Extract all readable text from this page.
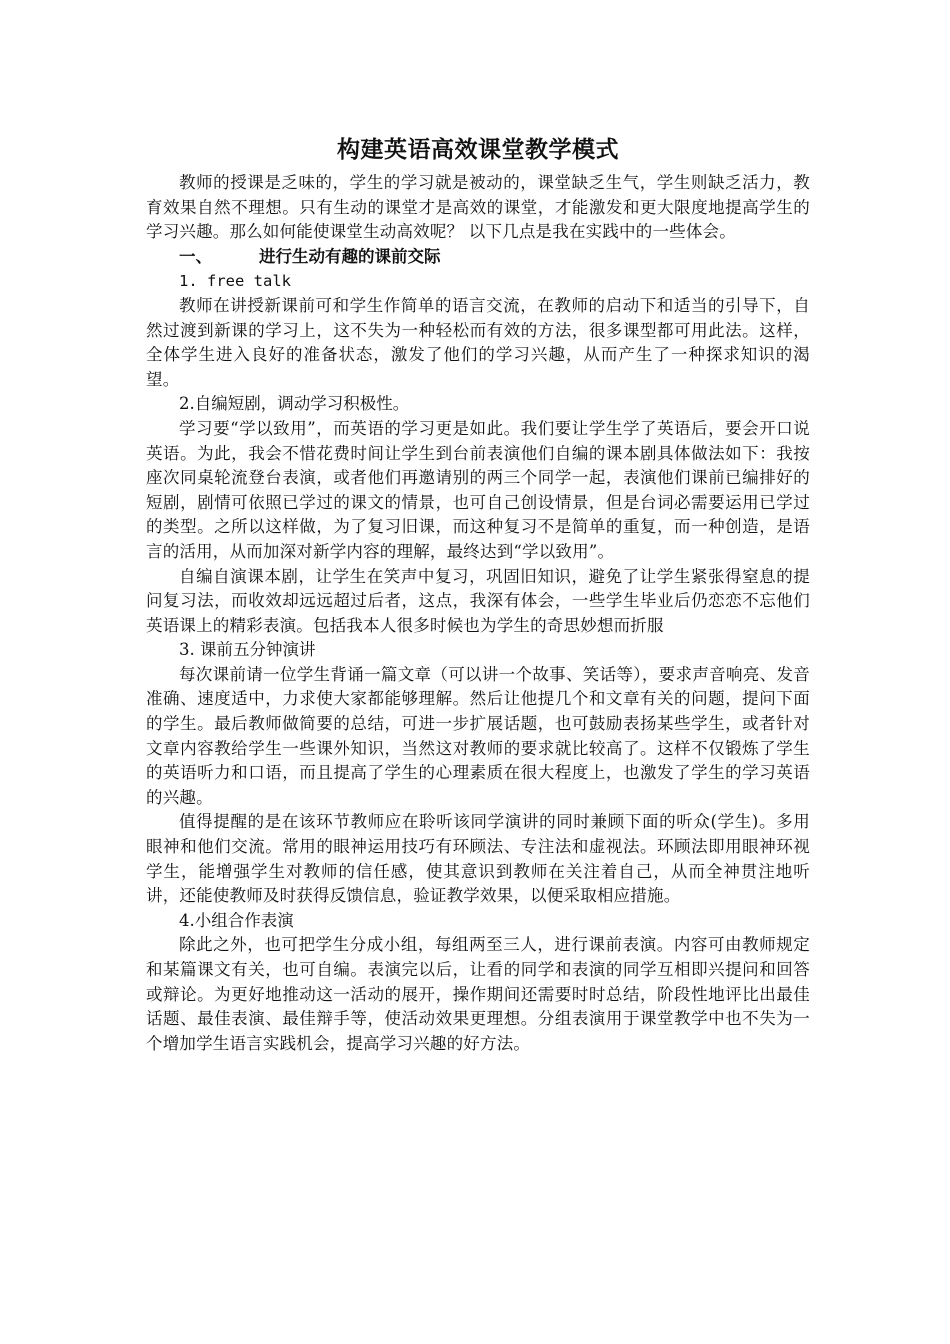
构建英语高效课堂教学模式

教师的授课是乏味的，学生的学习就是被动的，课堂缺乏生气，学生则缺乏活力，教育效果自然不理想。只有生动的课堂才是高效的课堂，才能激发和更大限度地提高学生的学习兴趣。那么如何能使课堂生动高效呢？ 以下几点是我在实践中的一些体会。

一、	进行生动有趣的课前交际
1. free talk

教师在讲授新课前可和学生作简单的语言交流，在教师的启动下和适当的引导下，自然过渡到新课的学习上，这不失为一种轻松而有效的方法，很多课型都可用此法。这样，全体学生进入良好的准备状态，激发了他们的学习兴趣，从而产生了一种探求知识的渴望。

2.自编短剧，调动学习积极性。

学习要“学以致用”，而英语的学习更是如此。我们要让学生学了英语后，要会开口说英语。为此，我会不惜花费时间让学生到台前表演他们自编的课本剧具体做法如下：我按座次同桌轮流登台表演，或者他们再邀请别的两三个同学一起，表演他们课前已编排好的短剧，剧情可依照已学过的课文的情景，也可自己创设情景，但是台词必需要运用已学过的类型。之所以这样做，为了复习旧课，而这种复习不是简单的重复，而一种创造，是语言的活用，从而加深对新学内容的理解，最终达到“学以致用”。

自编自演课本剧，让学生在笑声中复习，巩固旧知识，避免了让学生紧张得窒息的提问复习法，而收效却远远超过后者，这点，我深有体会，一些学生毕业后仍恋恋不忘他们英语课上的精彩表演。包括我本人很多时候也为学生的奇思妙想而折服

3. 课前五分钟演讲

每次课前请一位学生背诵一篇文章（可以讲一个故事、笑话等），要求声音响亮、发音准确、速度适中，力求使大家都能够理解。然后让他提几个和文章有关的问题，提问下面的学生。最后教师做简要的总结，可进一步扩展话题，也可鼓励表扬某些学生，或者针对文章内容教给学生一些课外知识，当然这对教师的要求就比较高了。这样不仅锻炼了学生的英语听力和口语，而且提高了学生的心理素质在很大程度上，也激发了学生的学习英语的兴趣。

值得提醒的是在该环节教师应在聆听该同学演讲的同时兼顾下面的听众(学生)。多用眼神和他们交流。常用的眼神运用技巧有环顾法、专注法和虚视法。环顾法即用眼神环视学生，能增强学生对教师的信任感，使其意识到教师在关注着自己，从而全神贯注地听讲，还能使教师及时获得反馈信息，验证教学效果，以便采取相应措施。

4.小组合作表演

除此之外，也可把学生分成小组，每组两至三人，进行课前表演。内容可由教师规定和某篇课文有关，也可自编。表演完以后，让看的同学和表演的同学互相即兴提问和回答或辩论。为更好地推动这一活动的展开，操作期间还需要时时总结，阶段性地评比出最佳话题、最佳表演、最佳辩手等，使活动效果更理想。分组表演用于课堂教学中也不失为一个增加学生语言实践机会，提高学习兴趣的好方法。
